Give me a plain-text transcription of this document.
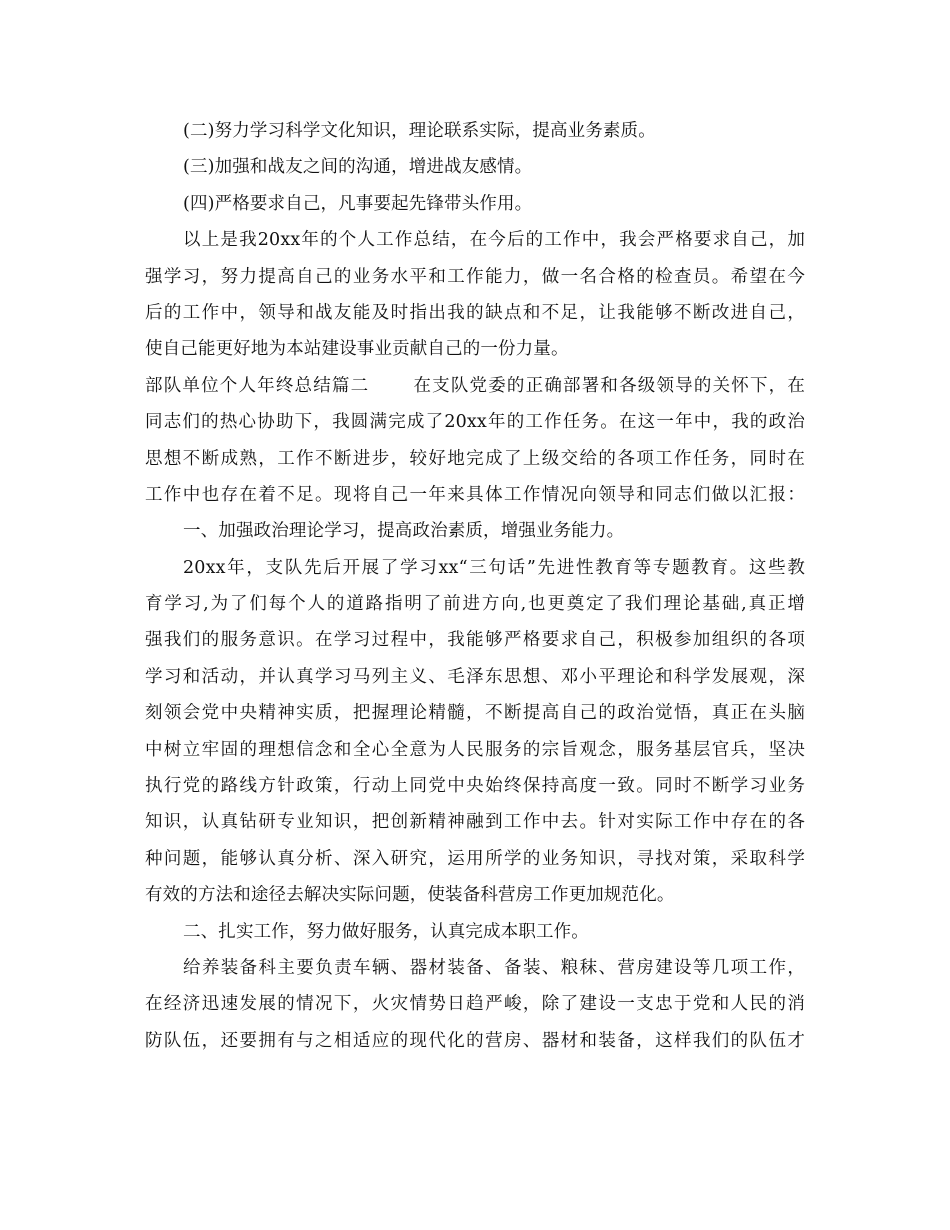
(二)努力学习科学文化知识，理论联系实际，提高业务素质。
(三)加强和战友之间的沟通，增进战友感情。
(四)严格要求自己，凡事要起先锋带头作用。
以上是我20xx年的个人工作总结，在今后的工作中，我会严格要求自己，加
强学习，努力提高自己的业务水平和工作能力，做一名合格的检查员。希望在今
后的工作中，领导和战友能及时指出我的缺点和不足，让我能够不断改进自己，
使自己能更好地为本站建设事业贡献自己的一份力量。
部队单位个人年终总结篇二　　 在支队党委的正确部署和各级领导的关怀下，在
同志们的热心协助下，我圆满完成了20xx年的工作任务。在这一年中，我的政治
思想不断成熟，工作不断进步，较好地完成了上级交给的各项工作任务，同时在
工作中也存在着不足。现将自己一年来具体工作情况向领导和同志们做以汇报：
一、加强政治理论学习，提高政治素质，增强业务能力。
20xx年，支队先后开展了学习xx“三句话”先进性教育等专题教育。这些教
育学习,为了们每个人的道路指明了前进方向,也更奠定了我们理论基础,真正增
强我们的服务意识。在学习过程中，我能够严格要求自己，积极参加组织的各项
学习和活动，并认真学习马列主义、毛泽东思想、邓小平理论和科学发展观，深
刻领会党中央精神实质，把握理论精髓，不断提高自己的政治觉悟，真正在头脑
中树立牢固的理想信念和全心全意为人民服务的宗旨观念，服务基层官兵，坚决
执行党的路线方针政策，行动上同党中央始终保持高度一致。同时不断学习业务
知识，认真钻研专业知识，把创新精神融到工作中去。针对实际工作中存在的各
种问题，能够认真分析、深入研究，运用所学的业务知识，寻找对策，采取科学
有效的方法和途径去解决实际问题，使装备科营房工作更加规范化。
二、扎实工作，努力做好服务，认真完成本职工作。
给养装备科主要负责车辆、器材装备、备装、粮秣、营房建设等几项工作，
在经济迅速发展的情况下，火灾情势日趋严峻，除了建设一支忠于党和人民的消
防队伍，还要拥有与之相适应的现代化的营房、器材和装备，这样我们的队伍才
